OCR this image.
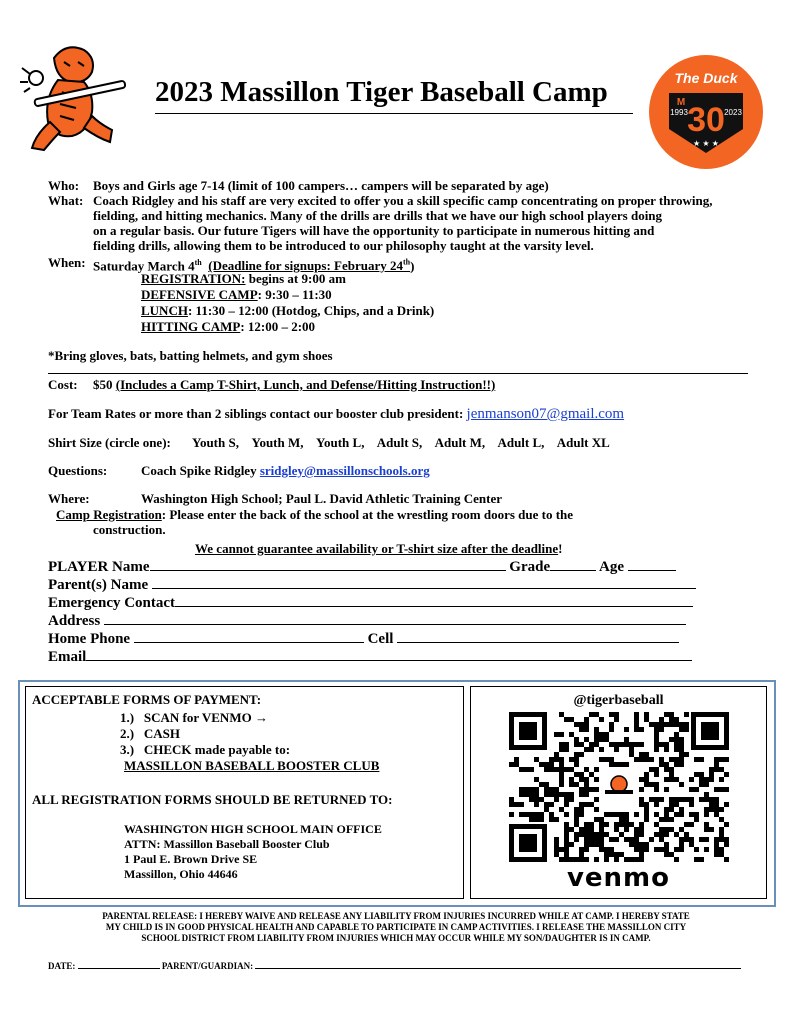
2023 Massillon Tiger Baseball Camp	The Duck
30
1993	2023
M
★ ★ ★
Who: Boys and Girls age 7-14 (limit of 100 campers… campers will be separated by age)
What: Coach Ridgley and his staff are very excited to offer you a skill specific camp concentrating on proper throwing,
fielding, and hitting mechanics. Many of the drills are drills that we have our high school players doing
on a regular basis. Our future Tigers will have the opportunity to participate in numerous hitting and
fielding drills, allowing them to be introduced to our philosophy taught at the varsity level.
When: Saturday March 4th (Deadline for signups: February 24th)
REGISTRATION: begins at 9:00 am
DEFENSIVE CAMP: 9:30 – 11:30
LUNCH: 11:30 – 12:00 (Hotdog, Chips, and a Drink)
HITTING CAMP: 12:00 – 2:00
*Bring gloves, bats, batting helmets, and gym shoes
Cost: $50 (Includes a Camp T-Shirt, Lunch, and Defense/Hitting Instruction!!)
For Team Rates or more than 2 siblings contact our booster club president: jenmanson07@gmail.com
Shirt Size (circle one): Youth S, Youth M, Youth L, Adult S, Adult M, Adult L, Adult XL
Questions:	Coach Spike Ridgley sridgley@massillonschools.org
Where:	Washington High School; Paul L. David Athletic Training Center
Camp Registration: Please enter the back of the school at the wrestling room doors due to the
construction.
We cannot guarantee availability or T-shirt size after the deadline!
PLAYER Name	Grade	Age
Parent(s) Name
Emergency Contact
Address
Home Phone	Cell
Email
ACCEPTABLE FORMS OF PAYMENT:
1.) SCAN for VENMO →
2.) CASH
3.) CHECK made payable to:
MASSILLON BASEBALL BOOSTER CLUB
ALL REGISTRATION FORMS SHOULD BE RETURNED TO:
WASHINGTON HIGH SCHOOL MAIN OFFICE
ATTN: Massillon Baseball Booster Club
1 Paul E. Brown Drive SE
Massillon, Ohio 44646
@tigerbaseball
venmo
PARENTAL RELEASE: I HEREBY WAIVE AND RELEASE ANY LIABILITY FROM INJURIES INCURRED WHILE AT CAMP. I HEREBY STATE
MY CHILD IS IN GOOD PHYSICAL HEALTH AND CAPABLE TO PARTICIPATE IN CAMP ACTIVITIES. I RELEASE THE MASSILLON CITY
SCHOOL DISTRICT FROM LIABILITY FROM INJURIES WHICH MAY OCCUR WHILE MY SON/DAUGHTER IS IN CAMP.
DATE:	PARENT/GUARDIAN:
